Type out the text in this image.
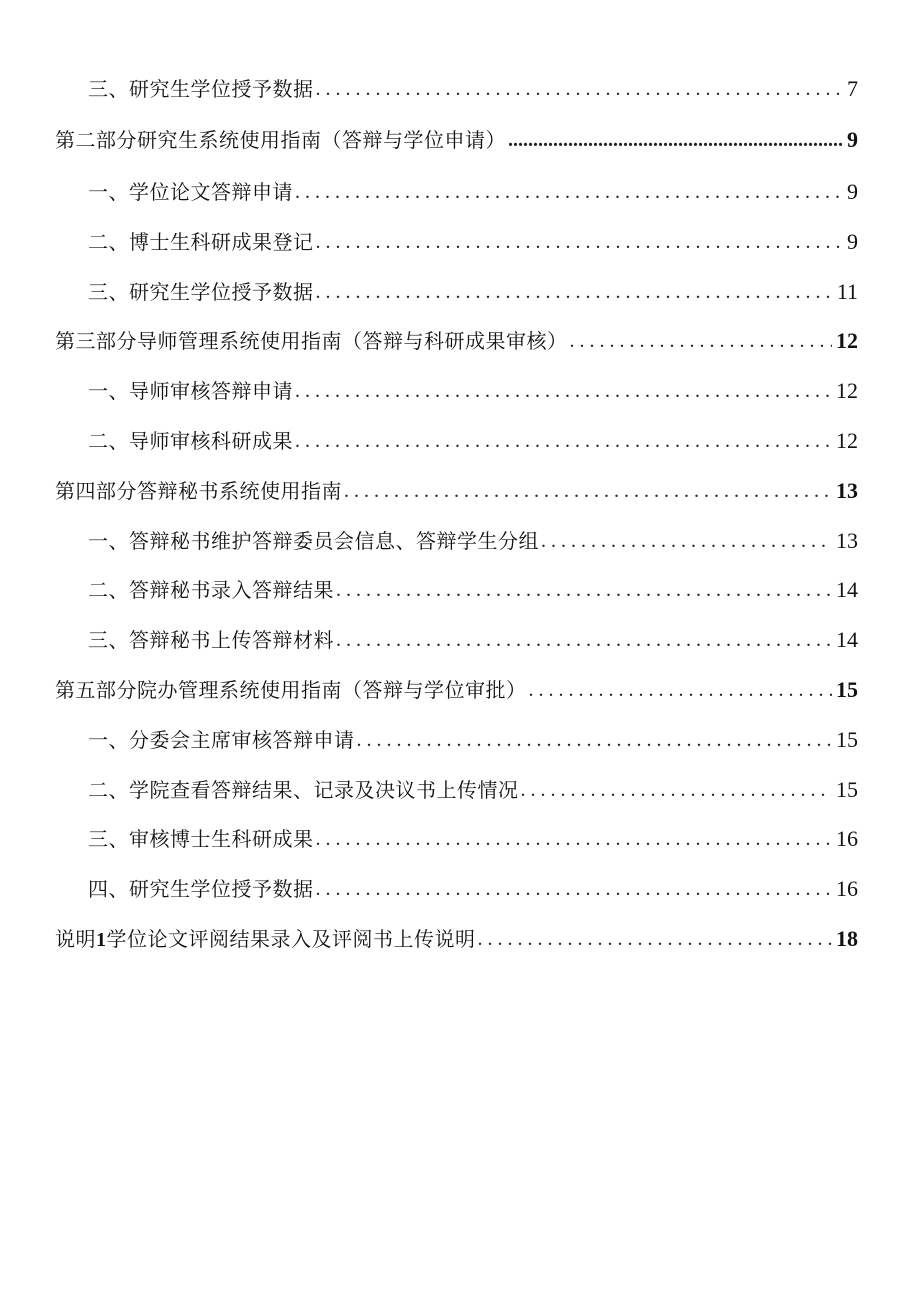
三、研究生学位授予数据 . . .	7
第二部分研究生系统使用指南（答辩与学位申请） .....	9
一、学位论文答辩申请 . . .	9
二、博士生科研成果登记 . . .	9
三、研究生学位授予数据 . . .	11
第三部分导师管理系统使用指南（答辩与科研成果审核） . . .	12
一、导师审核答辩申请 . . .	12
二、导师审核科研成果 . . .	12
第四部分答辩秘书系统使用指南 . . .	13
一、答辩秘书维护答辩委员会信息、答辩学生分组 . . .	13
二、答辩秘书录入答辩结果 . . .	14
三、答辩秘书上传答辩材料 . . .	14
第五部分院办管理系统使用指南（答辩与学位审批） . . .	15
一、分委会主席审核答辩申请 . . .	15
二、学院查看答辩结果、记录及决议书上传情况 . . .	15
三、审核博士生科研成果 . . .	16
四、研究生学位授予数据 . . .	16
说明1学位论文评阅结果录入及评阅书上传说明 . . .	18
